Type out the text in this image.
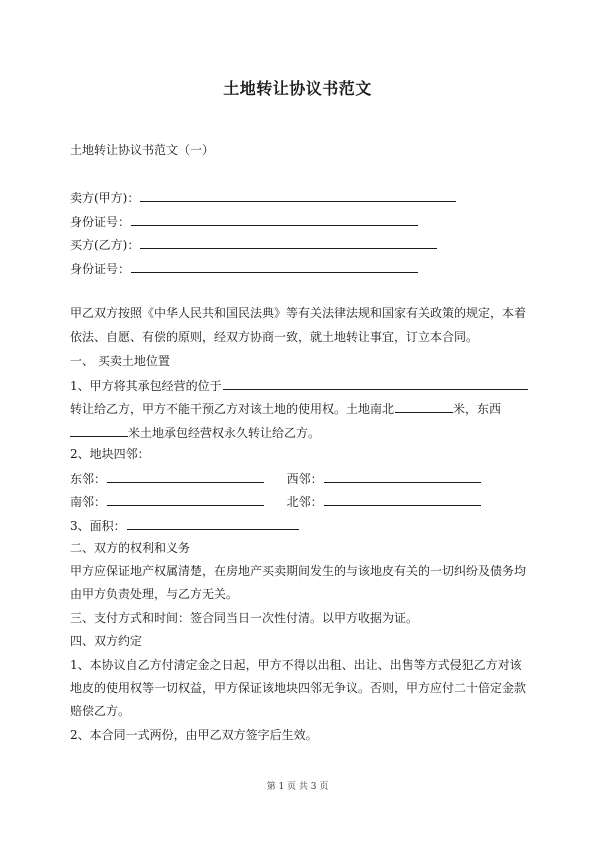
土地转让协议书范文
土地转让协议书范文（一）
卖方(甲方)：
身份证号：
买方(乙方)：
身份证号：
甲乙双方按照《中华人民共和国民法典》等有关法律法规和国家有关政策的规定，本着
依法、自愿、有偿的原则，经双方协商一致，就土地转让事宜，订立本合同。
一、 买卖土地位置
1、甲方将其承包经营的位于
转让给乙方，甲方不能干预乙方对该土地的使用权。土地南北	米，东西
米土地承包经营权永久转让给乙方。
2、地块四邻：
东邻：	西邻：
南邻：	北邻：
3、面积：
二、双方的权利和义务
甲方应保证地产权属清楚，在房地产买卖期间发生的与该地皮有关的一切纠纷及债务均
由甲方负责处理，与乙方无关。
三、支付方式和时间：签合同当日一次性付清。以甲方收据为证。
四、双方约定
1、本协议自乙方付清定金之日起，甲方不得以出租、出让、出售等方式侵犯乙方对该
地皮的使用权等一切权益，甲方保证该地块四邻无争议。否则，甲方应付二十倍定金款
赔偿乙方。
2、本合同一式两份，由甲乙双方签字后生效。
第 1 页 共 3 页
